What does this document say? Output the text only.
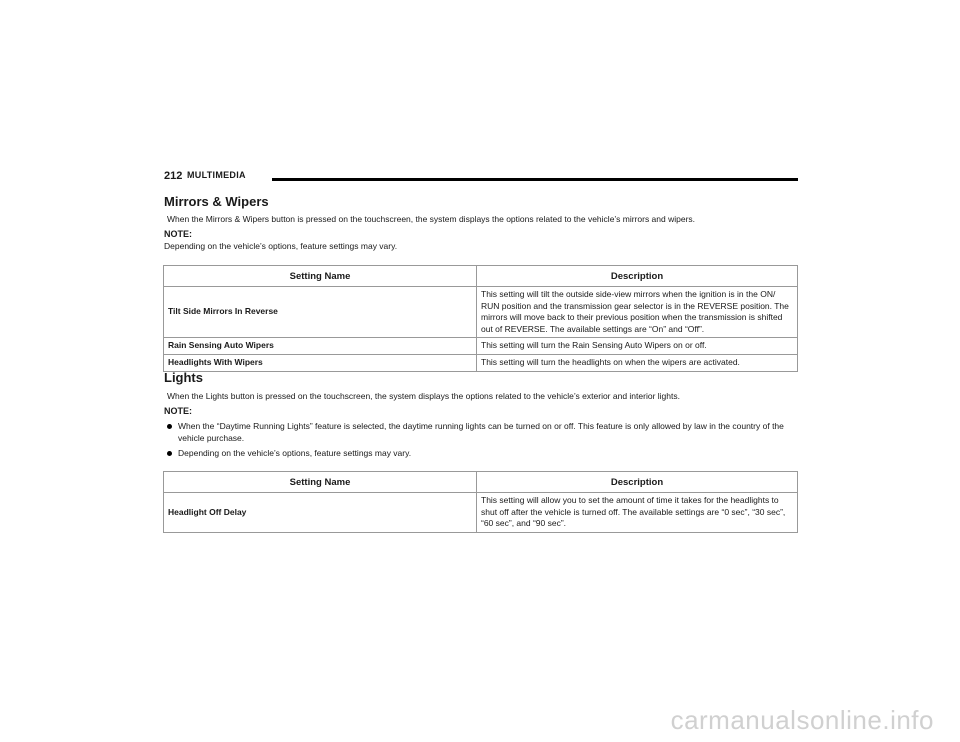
212 MULTIMEDIA
Mirrors & Wipers
When the Mirrors & Wipers button is pressed on the touchscreen, the system displays the options related to the vehicle’s mirrors and wipers.
NOTE:
Depending on the vehicle’s options, feature settings may vary.
Setting Name	Description
Tilt Side Mirrors In Reverse	This setting will tilt the outside side-view mirrors when the ignition is in the ON/ RUN position and the transmission gear selector is in the REVERSE position. The mirrors will move back to their previous position when the transmission is shifted out of REVERSE. The available settings are “On” and “Off”.
Rain Sensing Auto Wipers	This setting will turn the Rain Sensing Auto Wipers on or off.
Headlights With Wipers	This setting will turn the headlights on when the wipers are activated.
Lights
When the Lights button is pressed on the touchscreen, the system displays the options related to the vehicle’s exterior and interior lights.
NOTE:
When the “Daytime Running Lights” feature is selected, the daytime running lights can be turned on or off. This feature is only allowed by law in the country of the vehicle purchase.
Depending on the vehicle’s options, feature settings may vary.
Setting Name	Description
Headlight Off Delay	This setting will allow you to set the amount of time it takes for the headlights to shut off after the vehicle is turned off. The available settings are “0 sec”, “30 sec”, “60 sec”, and “90 sec”.
carmanualsonline.info
